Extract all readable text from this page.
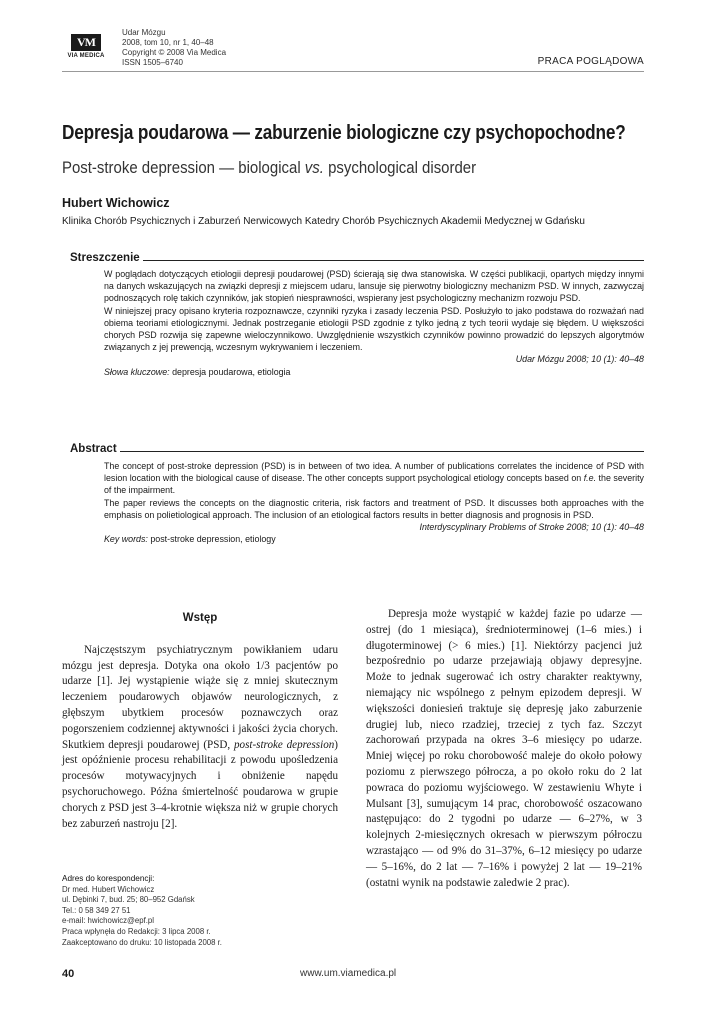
VM
VIA MEDICA
Udar Mózgu
2008, tom 10, nr 1, 40–48
Copyright © 2008 Via Medica
ISSN 1505–6740	PRACA POGLĄDOWA
Depresja poudarowa — zaburzenie biologiczne czy psychopochodne?
Post-stroke depression — biological vs. psychological disorder
Hubert Wichowicz
Klinika Chorób Psychicznych i Zaburzeń Nerwicowych Katedry Chorób Psychicznych Akademii Medycznej w Gdańsku
Streszczenie

W poglądach dotyczących etiologii depresji poudarowej (PSD) ścierają się dwa stanowiska. W części publikacji, opartych między innymi na danych wskazujących na związki depresji z miejscem udaru, lansuje się pierwotny biologiczny mechanizm PSD. W innych, zazwyczaj podnoszących rolę takich czynników, jak stopień niesprawności, wspierany jest psychologiczny mechanizm rozwoju PSD.

W niniejszej pracy opisano kryteria rozpoznawcze, czynniki ryzyka i zasady leczenia PSD. Posłużyło to jako podstawa do rozważań nad obiema teoriami etiologicznymi. Jednak postrzeganie etiologii PSD zgodnie z tylko jedną z tych teorii wydaje się błędem. U większości chorych PSD rozwija się zapewne wieloczynnikowo. Uwzględnienie wszystkich czynników powinno prowadzić do lepszych algorytmów związanych z jej prewencją, wczesnym wykrywaniem i leczeniem.

Udar Mózgu 2008; 10 (1): 40–48

Słowa kluczowe: depresja poudarowa, etiologia

Abstract

The concept of post-stroke depression (PSD) is in between of two idea. A number of publications correlates the incidence of PSD with lesion location with the biological cause of disease. The other concepts support psychological etiology concepts based on f.e. the severity of the impairment.

The paper reviews the concepts on the diagnostic criteria, risk factors and treatment of PSD. It discusses both approaches with the emphasis on polietiological approach. The inclusion of an etiological factors results in better diagnosis and prognosis in PSD.

Interdyscyplinary Problems of Stroke 2008; 10 (1): 40–48

Key words: post-stroke depression, etiology

Wstęp

Najczęstszym psychiatrycznym powikłaniem udaru mózgu jest depresja. Dotyka ona około 1/3 pacjentów po udarze [1]. Jej wystąpienie wiąże się z mniej skutecznym leczeniem poudarowych objawów neurologicznych, z głębszym ubytkiem procesów poznawczych oraz pogorszeniem codziennej aktywności i jakości życia chorych. Skutkiem depresji poudarowej (PSD, post-stroke depression) jest opóźnienie procesu rehabilitacji z powodu upośledzenia procesów motywacyjnych i obniżenie napędu psychoruchowego. Późna śmiertelność poudarowa w grupie chorych z PSD jest 3–4-krotnie większa niż w grupie chorych bez zaburzeń nastroju [2].

Depresja może wystąpić w każdej fazie po udarze — ostrej (do 1 miesiąca), średnioterminowej (1–6 mies.) i długoterminowej (> 6 mies.) [1]. Niektórzy pacjenci już bezpośrednio po udarze przejawiają objawy depresyjne. Może to jednak sugerować ich ostry charakter reaktywny, niemający nic wspólnego z pełnym epizodem depresji. W większości doniesień traktuje się depresję jako zaburzenie drugiej lub, nieco rzadziej, trzeciej z tych faz. Szczyt zachorowań przypada na okres 3–6 miesięcy po udarze. Mniej więcej po roku chorobowość maleje do około połowy poziomu z pierwszego półrocza, a po około roku do 2 lat powraca do poziomu wyjściowego. W zestawieniu Whyte i Mulsant [3], sumującym 14 prac, chorobowość oszacowano następująco: do 2 tygodni po udarze — 6–27%, w 3 kolejnych 2-miesięcznych okresach w pierwszym półroczu wzrastająco — od 9% do 31–37%, 6–12 miesięcy po udarze — 5–16%, do 2 lat — 7–16% i powyżej 2 lat — 19–21% (ostatni wynik na podstawie zaledwie 2 prac).

Adres do korespondencji:
Dr med. Hubert Wichowicz
ul. Dębinki 7, bud. 25; 80–952 Gdańsk
Tel.: 0 58 349 27 51
e-mail: hwichowicz@epf.pl
Praca wpłynęła do Redakcji: 3 lipca 2008 r.
Zaakceptowano do druku: 10 listopada 2008 r.
40	www.um.viamedica.pl
